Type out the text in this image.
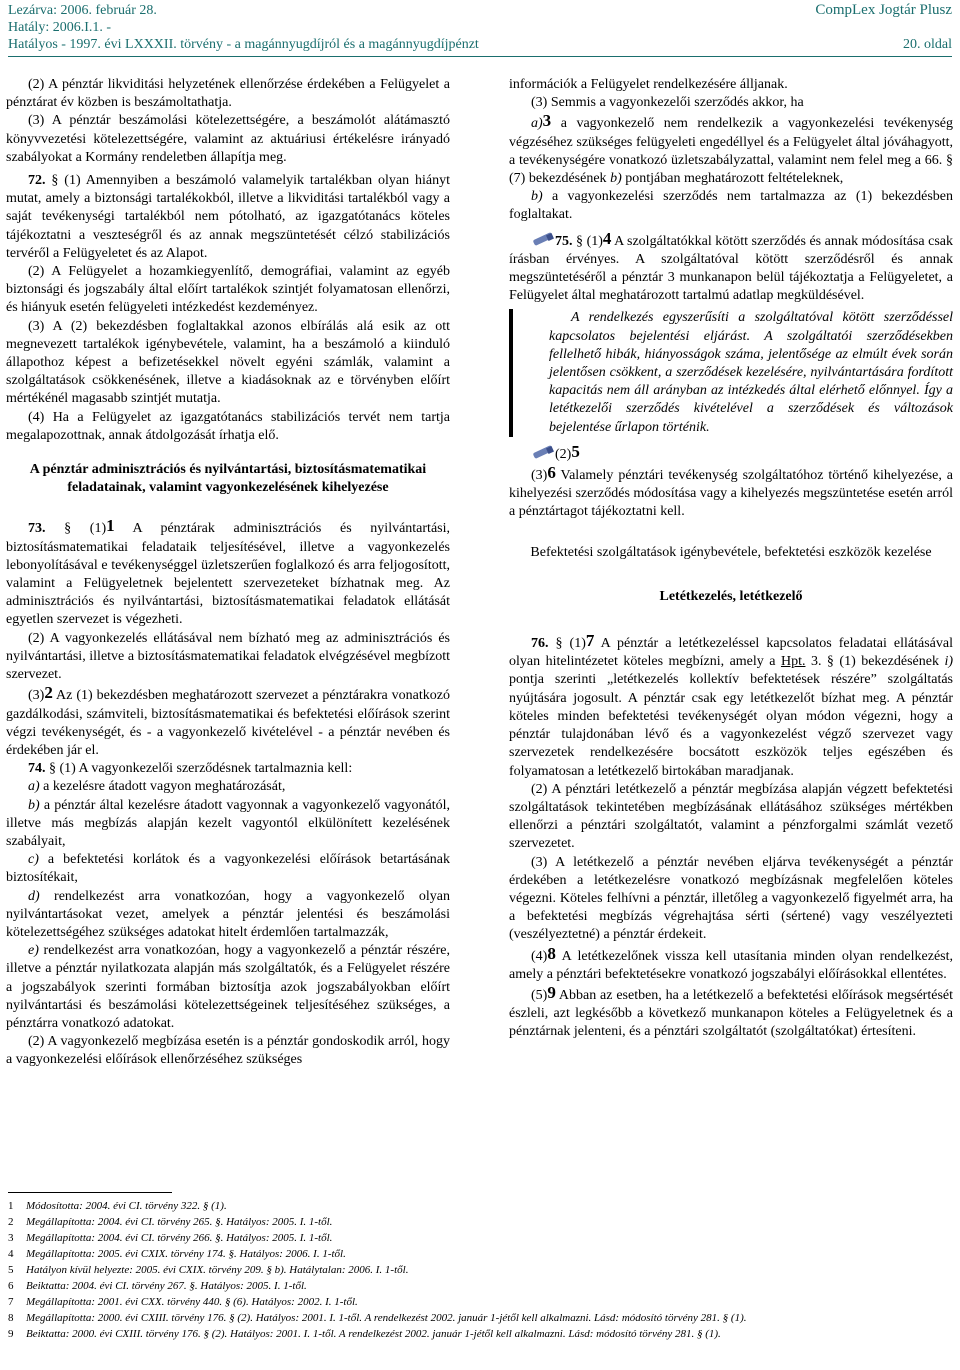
Lezárva: 2006. február 28.
Hatály: 2006.I.1. -
Hatályos - 1997. évi LXXXII. törvény - a magánnyugdíjról és a magánnyugdíjpénzt
CompLex Jogtár Plusz
20. oldal

(2) A pénztár likviditási helyzetének ellenőrzése érdekében a Felügyelet a pénztárat év közben is beszámoltathatja.

(3) A pénztár beszámolási kötelezettségére, a beszámolót alátámasztó könyvvezetési kötelezettségére, valamint az aktuáriusi értékelésre irányadó szabályokat a Kormány rendeletben állapítja meg.

72. § (1) Amennyiben a beszámoló valamelyik tartalékban olyan hiányt mutat, amely a biztonsági tartalékokból, illetve a likviditási tartalékból vagy a saját tevékenységi tartalékból nem pótolható, az igazgatótanács köteles tájékoztatni a veszteségről és az annak megszüntetését célzó stabilizációs tervéről a Felügyeletet és az Alapot.

(2) A Felügyelet a hozamkiegyenlítő, demográfiai, valamint az egyéb biztonsági és jogszabály által előírt tartalékok szintjét folyamatosan ellenőrzi, és hiányuk esetén felügyeleti intézkedést kezdeményez.

(3) A (2) bekezdésben foglaltakkal azonos elbírálás alá esik az ott megnevezett tartalékok igénybevétele, valamint, ha a beszámoló a kiinduló állapothoz képest a befizetésekkel növelt egyéni számlák, valamint a szolgáltatások csökkenésének, illetve a kiadásoknak az e törvényben előírt mértékénél magasabb szintjét mutatja.

(4) Ha a Felügyelet az igazgatótanács stabilizációs tervét nem tartja megalapozottnak, annak átdolgozását írhatja elő.

A pénztár adminisztrációs és nyilvántartási, biztosításmatematikai feladatainak, valamint vagyonkezelésének kihelyezése

73. § (1)1 A pénztárak adminisztrációs és nyilvántartási, biztosításmatematikai feladataik teljesítésével, illetve a vagyonkezelés lebonyolításával e tevékenységgel üzletszerűen foglalkozó és arra feljogosított, valamint a Felügyeletnek bejelentett szervezeteket bízhatnak meg. Az adminisztrációs és nyilvántartási, biztosításmatematikai feladatok ellátását egyetlen szervezet is végezheti.

(2) A vagyonkezelés ellátásával nem bízható meg az adminisztrációs és nyilvántartási, illetve a biztosításmatematikai feladatok elvégzésével megbízott szervezet.

(3)2 Az (1) bekezdésben meghatározott szervezet a pénztárakra vonatkozó gazdálkodási, számviteli, biztosításmatematikai és befektetési előírások szerint végzi tevékenységét, és - a vagyonkezelő kivételével - a pénztár nevében és érdekében jár el.

74. § (1) A vagyonkezelői szerződésnek tartalmaznia kell:

a) a kezelésre átadott vagyon meghatározását,

b) a pénztár által kezelésre átadott vagyonnak a vagyonkezelő vagyonától, illetve más megbízás alapján kezelt vagyontól elkülönített kezelésének szabályait,

c) a befektetési korlátok és a vagyonkezelési előírások betartásának biztosítékait,

d) rendelkezést arra vonatkozóan, hogy a vagyonkezelő olyan nyilvántartásokat vezet, amelyek a pénztár jelentési és beszámolási kötelezettségéhez szükséges adatokat hitelt érdemlően tartalmazzák,

e) rendelkezést arra vonatkozóan, hogy a vagyonkezelő a pénztár részére, illetve a pénztár nyilatkozata alapján más szolgáltatók, és a Felügyelet részére a jogszabályok szerinti formában biztosítja azok jogszabályokban előírt nyilvántartási és beszámolási kötelezettségeinek teljesítéséhez szükséges, a pénztárra vonatkozó adatokat.

(2) A vagyonkezelő megbízása esetén is a pénztár gondoskodik arról, hogy a vagyonkezelési előírások ellenőrzéséhez szükséges

információk a Felügyelet rendelkezésére álljanak.

(3) Semmis a vagyonkezelői szerződés akkor, ha

a)3 a vagyonkezelő nem rendelkezik a vagyonkezelési tevékenység végzéséhez szükséges felügyeleti engedéllyel és a Felügyelet által jóváhagyott, a tevékenységére vonatkozó üzletszabályzattal, valamint nem felel meg a 66. § (7) bekezdésének b) pontjában meghatározott feltételeknek,

b) a vagyonkezelési szerződés nem tartalmazza az (1) bekezdésben foglaltakat.

75. § (1)4 A szolgáltatókkal kötött szerződés és annak módosítása csak írásban érvényes. A szolgáltatóval kötött szerződésről és annak megszüntetéséről a pénztár 3 munkanapon belül tájékoztatja a Felügyeletet, a Felügyelet által meghatározott tartalmú adatlap megküldésével.

A rendelkezés egyszerűsíti a szolgáltatóval kötött szerződéssel kapcsolatos bejelentési eljárást. A szolgáltatói szerződésekben fellelhető hibák, hiányosságok száma, jelentősége az elmúlt évek során jelentősen csökkent, a szerződések kezelésére, nyilvántartására fordított kapacitás nem áll arányban az intézkedés által elérhető előnnyel. Így a letétkezelői szerződés kivételével a szerződések és változások bejelentése űrlapon történik.

(2)5

(3)6 Valamely pénztári tevékenység szolgáltatóhoz történő kihelyezése, a kihelyezési szerződés módosítása vagy a kihelyezés megszüntetése esetén arról a pénztártagot tájékoztatni kell.

Befektetési szolgáltatások igénybevétele, befektetési eszközök kezelése

Letétkezelés, letétkezelő

76. § (1)7 A pénztár a letétkezeléssel kapcsolatos feladatai ellátásával olyan hitelintézetet köteles megbízni, amely a Hpt. 3. § (1) bekezdésének i) pontja szerinti „letétkezelés kollektív befektetések részére” szolgáltatás nyújtására jogosult. A pénztár csak egy letétkezelőt bízhat meg. A pénztár köteles minden befektetési tevékenységét olyan módon végezni, hogy a pénztár tulajdonában lévő és a vagyonkezelést végző szervezet vagy szervezetek rendelkezésére bocsátott eszközök teljes egészében és folyamatosan a letétkezelő birtokában maradjanak.

(2) A pénztári letétkezelő a pénztár megbízása alapján végzett befektetési szolgáltatások tekintetében megbízásának ellátásához szükséges mértékben ellenőrzi a pénztári szolgáltatót, valamint a pénzforgalmi számlát vezető szervezetet.

(3) A letétkezelő a pénztár nevében eljárva tevékenységét a pénztár érdekében a letétkezelésre vonatkozó megbízásnak megfelelően köteles végezni. Köteles felhívni a pénztár, illetőleg a vagyonkezelő figyelmét arra, ha a befektetési megbízás végrehajtása sérti (sértené) vagy veszélyezteti (veszélyeztetné) a pénztár érdekeit.

(4)8 A letétkezelőnek vissza kell utasítania minden olyan rendelkezést, amely a pénztári befektetésekre vonatkozó jogszabályi előírásokkal ellentétes.

(5)9 Abban az esetben, ha a letétkezelő a befektetési előírások megsértését észleli, azt legkésőbb a következő munkanapon köteles a Felügyeletnek és a pénztárnak jelenteni, és a pénztári szolgáltatót (szolgáltatókat) értesíteni.

1 Módosította: 2004. évi CI. törvény 322. § (1).
2 Megállapította: 2004. évi CI. törvény 265. §. Hatályos: 2005. I. 1-től.
3 Megállapította: 2004. évi CI. törvény 266. §. Hatályos: 2005. I. 1-től.
4 Megállapította: 2005. évi CXIX. törvény 174. §. Hatályos: 2006. I. 1-től.
5 Hatályon kívül helyezte: 2005. évi CXIX. törvény 209. § b). Hatálytalan: 2006. I. 1-től.
6 Beiktatta: 2004. évi CI. törvény 267. §. Hatályos: 2005. I. 1-től.
7 Megállapította: 2001. évi CXX. törvény 440. § (6). Hatályos: 2002. I. 1-től.
8 Megállapította: 2000. évi CXIII. törvény 176. § (2). Hatályos: 2001. I. 1-től. A rendelkezést 2002. január 1-jétől kell alkalmazni. Lásd: módosító törvény 281. § (1).
9 Beiktatta: 2000. évi CXIII. törvény 176. § (2). Hatályos: 2001. I. 1-től. A rendelkezést 2002. január 1-jétől kell alkalmazni. Lásd: módosító törvény 281. § (1).
